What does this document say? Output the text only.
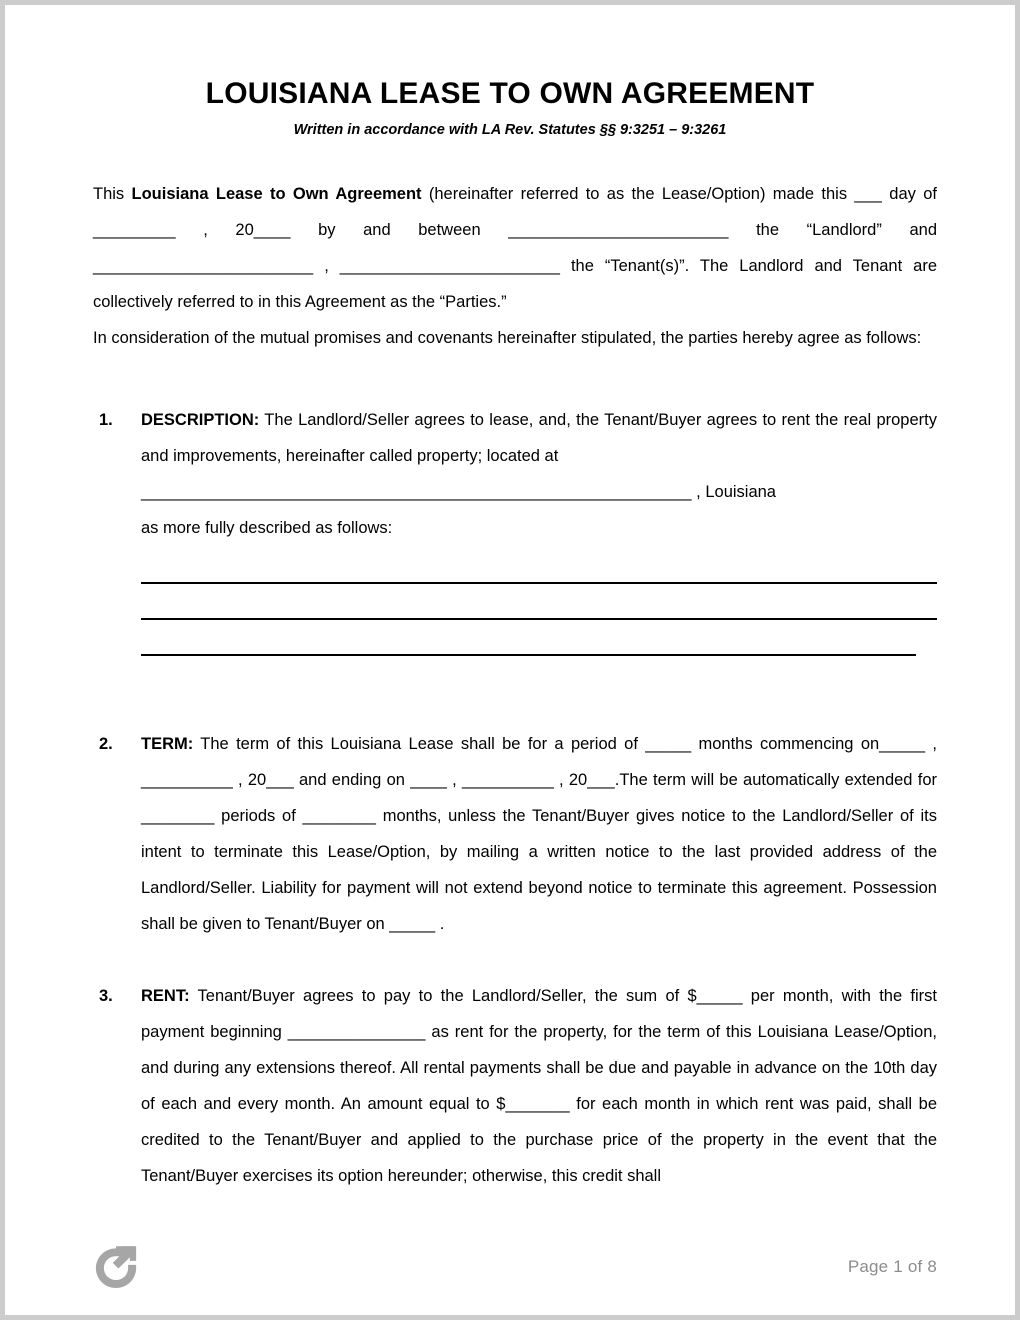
LOUISIANA LEASE TO OWN AGREEMENT
Written in accordance with LA Rev. Statutes §§ 9:3251 – 9:3261

This Louisiana Lease to Own Agreement (hereinafter referred to as the Lease/Option) made this ___ day of _________ , 20____ by and between ________________________ the “Landlord” and ________________________ , ________________________ the “Tenant(s)”. The Landlord and Tenant are collectively referred to in this Agreement as the “Parties.”

In consideration of the mutual promises and covenants hereinafter stipulated, the parties hereby agree as follows:

1. DESCRIPTION: The Landlord/Seller agrees to lease, and, the Tenant/Buyer agrees to rent the real property and improvements, hereinafter called property; located at
____________________________________________________________ , Louisiana
as more fully described as follows:
2. TERM: The term of this Louisiana Lease shall be for a period of _____ months commencing on_____ , __________ , 20___ and ending on ____ , __________ , 20___.The term will be automatically extended for ________ periods of ________ months, unless the Tenant/Buyer gives notice to the Landlord/Seller of its intent to terminate this Lease/Option, by mailing a written notice to the last provided address of the Landlord/Seller. Liability for payment will not extend beyond notice to terminate this agreement. Possession shall be given to Tenant/Buyer on _____ .
3. RENT: Tenant/Buyer agrees to pay to the Landlord/Seller, the sum of $_____ per month, with the first payment beginning _______________ as rent for the property, for the term of this Louisiana Lease/Option, and during any extensions thereof. All rental payments shall be due and payable in advance on the 10th day of each and every month. An amount equal to $_______ for each month in which rent was paid, shall be credited to the Tenant/Buyer and applied to the purchase price of the property in the event that the Tenant/Buyer exercises its option hereunder; otherwise, this credit shall
Page 1 of 8
